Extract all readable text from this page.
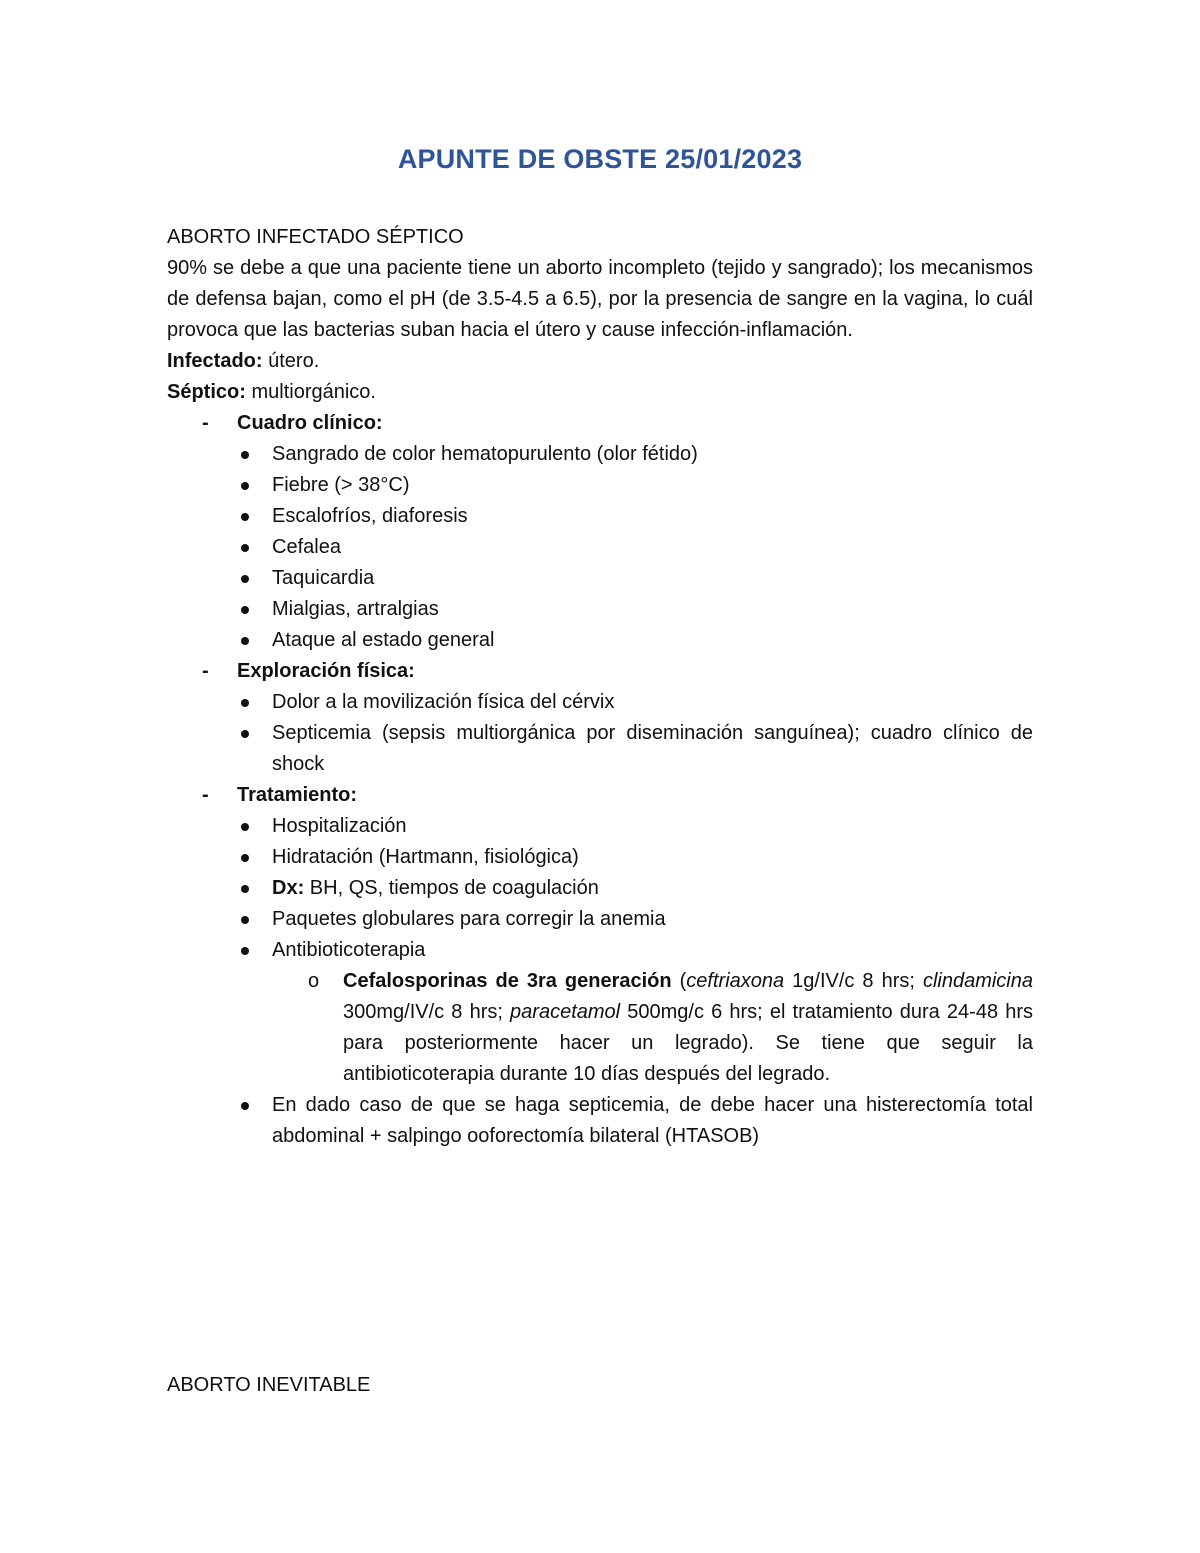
APUNTE DE OBSTE 25/01/2023

ABORTO INFECTADO SÉPTICO

90% se debe a que una paciente tiene un aborto incompleto (tejido y sangrado); los mecanismos de defensa bajan, como el pH (de 3.5-4.5 a 6.5), por la presencia de sangre en la vagina, lo cuál provoca que las bacterias suban hacia el útero y cause infección-inflamación.

Infectado: útero.

Séptico: multiorgánico.

- Cuadro clínico:
Sangrado de color hematopurulento (olor fétido)
Fiebre (> 38°C)
Escalofríos, diaforesis
Cefalea
Taquicardia
Mialgias, artralgias
Ataque al estado general
- Exploración física:
Dolor a la movilización física del cérvix
Septicemia (sepsis multiorgánica por diseminación sanguínea); cuadro clínico de shock
- Tratamiento:
Hospitalización
Hidratación (Hartmann, fisiológica)
Dx: BH, QS, tiempos de coagulación
Paquetes globulares para corregir la anemia
Antibioticoterapia
o Cefalosporinas de 3ra generación (ceftriaxona 1g/IV/c 8 hrs; clindamicina 300mg/IV/c 8 hrs; paracetamol 500mg/c 6 hrs; el tratamiento dura 24-48 hrs para posteriormente hacer un legrado). Se tiene que seguir la antibioticoterapia durante 10 días después del legrado.
En dado caso de que se haga septicemia, de debe hacer una histerectomía total abdominal + salpingo ooforectomía bilateral (HTASOB)

ABORTO INEVITABLE
